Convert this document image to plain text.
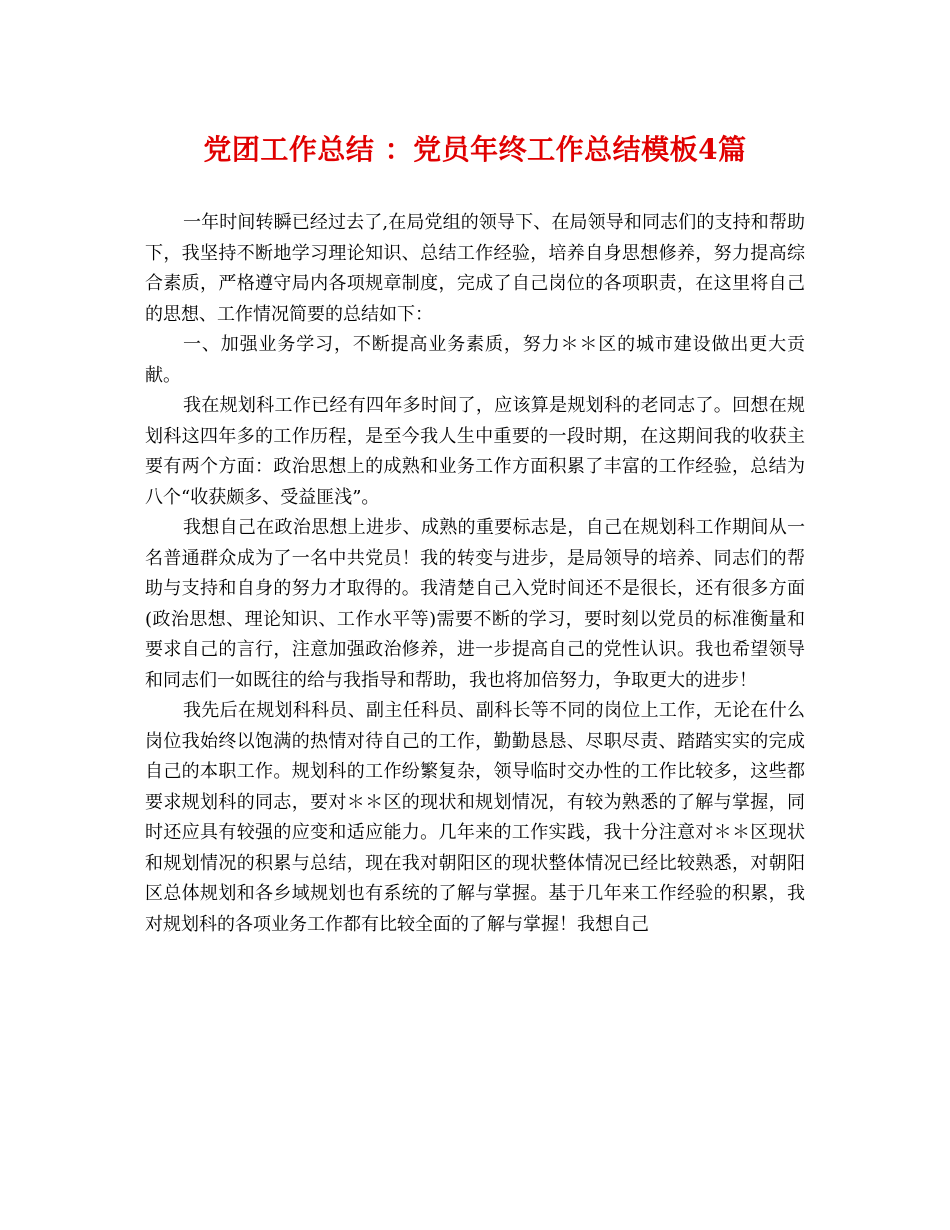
党团工作总结 ：党员年终工作总结模板4篇

一年时间转瞬已经过去了,在局党组的领导下、在局领导和同志们的支持和帮助下，我坚持不断地学习理论知识、总结工作经验，培养自身思想修养，努力提高综合素质，严格遵守局内各项规章制度，完成了自己岗位的各项职责，在这里将自己的思想、工作情况简要的总结如下：

一、加强业务学习，不断提高业务素质，努力＊＊区的城市建设做出更大贡献。

我在规划科工作已经有四年多时间了，应该算是规划科的老同志了。回想在规划科这四年多的工作历程，是至今我人生中重要的一段时期，在这期间我的收获主要有两个方面：政治思想上的成熟和业务工作方面积累了丰富的工作经验，总结为八个“收获颇多、受益匪浅”。

我想自己在政治思想上进步、成熟的重要标志是，自己在规划科工作期间从一名普通群众成为了一名中共党员！我的转变与进步，是局领导的培养、同志们的帮助与支持和自身的努力才取得的。我清楚自己入党时间还不是很长，还有很多方面(政治思想、理论知识、工作水平等)需要不断的学习，要时刻以党员的标准衡量和要求自己的言行，注意加强政治修养，进一步提高自己的党性认识。我也希望领导和同志们一如既往的给与我指导和帮助，我也将加倍努力，争取更大的进步！

我先后在规划科科员、副主任科员、副科长等不同的岗位上工作，无论在什么岗位我始终以饱满的热情对待自己的工作，勤勤恳恳、尽职尽责、踏踏实实的完成自己的本职工作。规划科的工作纷繁复杂，领导临时交办性的工作比较多，这些都要求规划科的同志，要对＊＊区的现状和规划情况，有较为熟悉的了解与掌握，同时还应具有较强的应变和适应能力。几年来的工作实践，我十分注意对＊＊区现状和规划情况的积累与总结，现在我对朝阳区的现状整体情况已经比较熟悉，对朝阳区总体规划和各乡域规划也有系统的了解与掌握。基于几年来工作经验的积累，我对规划科的各项业务工作都有比较全面的了解与掌握！我想自己
